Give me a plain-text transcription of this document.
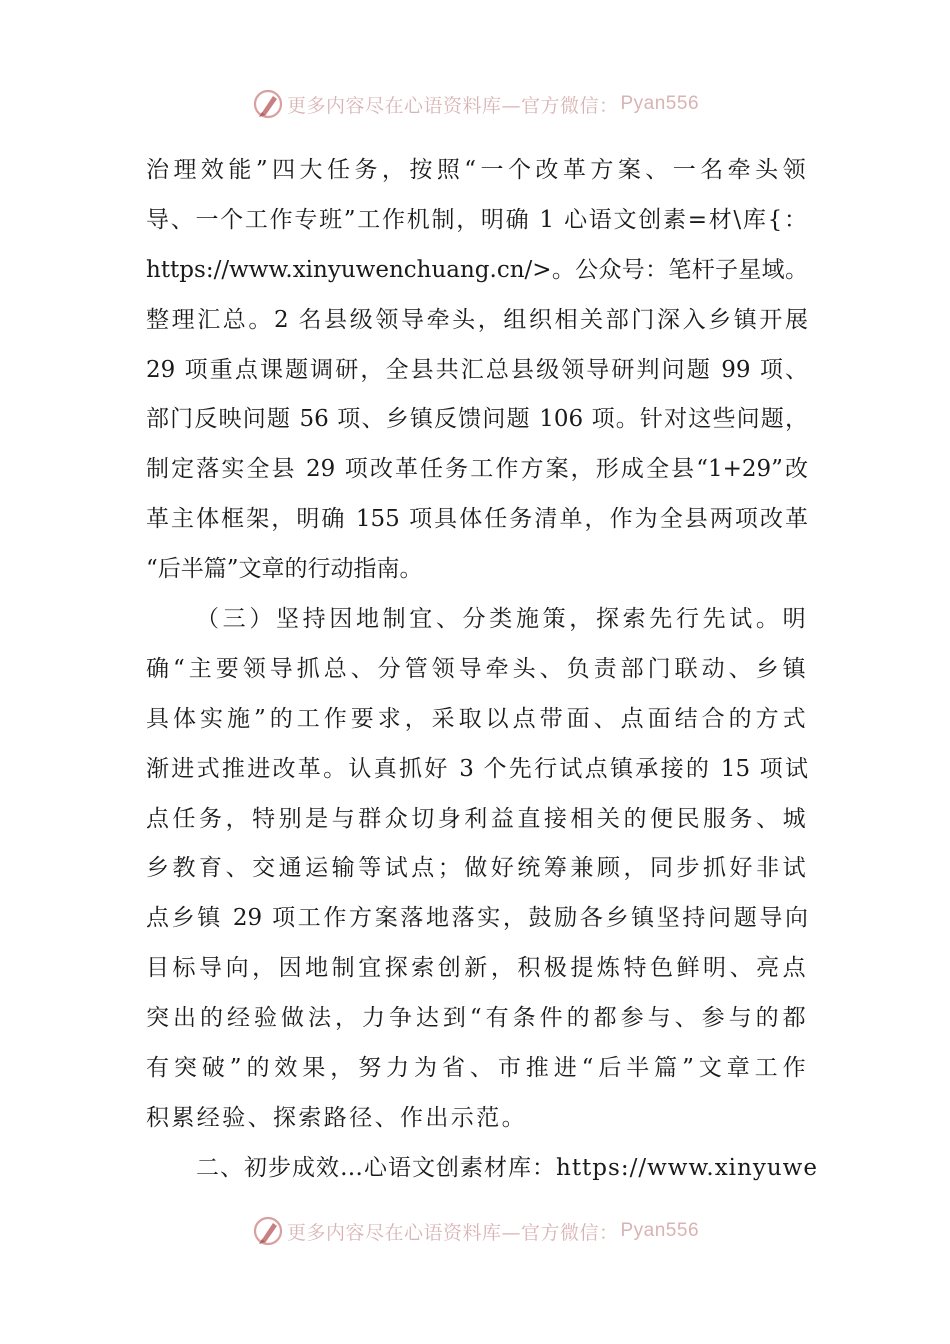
更多内容尽在心语资料库—官方微信： Pyan556
治理效能”四大任务，按照“一个改革方案、一名牵头领
导、一个工作专班”工作机制，明确 1 心语文创素=材\库{：
https://www.xinyuwenchuang.cn/>。公众号：笔杆子星域。
整理汇总。2 名县级领导牵头，组织相关部门深入乡镇开展
29 项重点课题调研，全县共汇总县级领导研判问题 99 项、
部门反映问题 56 项、乡镇反馈问题 106 项。针对这些问题，
制定落实全县 29 项改革任务工作方案，形成全县“1+29”改
革主体框架，明确 155 项具体任务清单，作为全县两项改革
“后半篇”文章的行动指南。
（三）坚持因地制宜、分类施策，探索先行先试。明
确“主要领导抓总、分管领导牵头、负责部门联动、乡镇
具体实施”的工作要求，采取以点带面、点面结合的方式
渐进式推进改革。认真抓好 3 个先行试点镇承接的 15 项试
点任务，特别是与群众切身利益直接相关的便民服务、城
乡教育、交通运输等试点；做好统筹兼顾，同步抓好非试
点乡镇 29 项工作方案落地落实，鼓励各乡镇坚持问题导向
目标导向，因地制宜探索创新，积极提炼特色鲜明、亮点
突出的经验做法，力争达到“有条件的都参与、参与的都
有突破”的效果，努力为省、市推进“后半篇”文章工作
积累经验、探索路径、作出示范。
二、初步成效…心语文创素材库：https://www.xinyuwe
更多内容尽在心语资料库—官方微信： Pyan556
